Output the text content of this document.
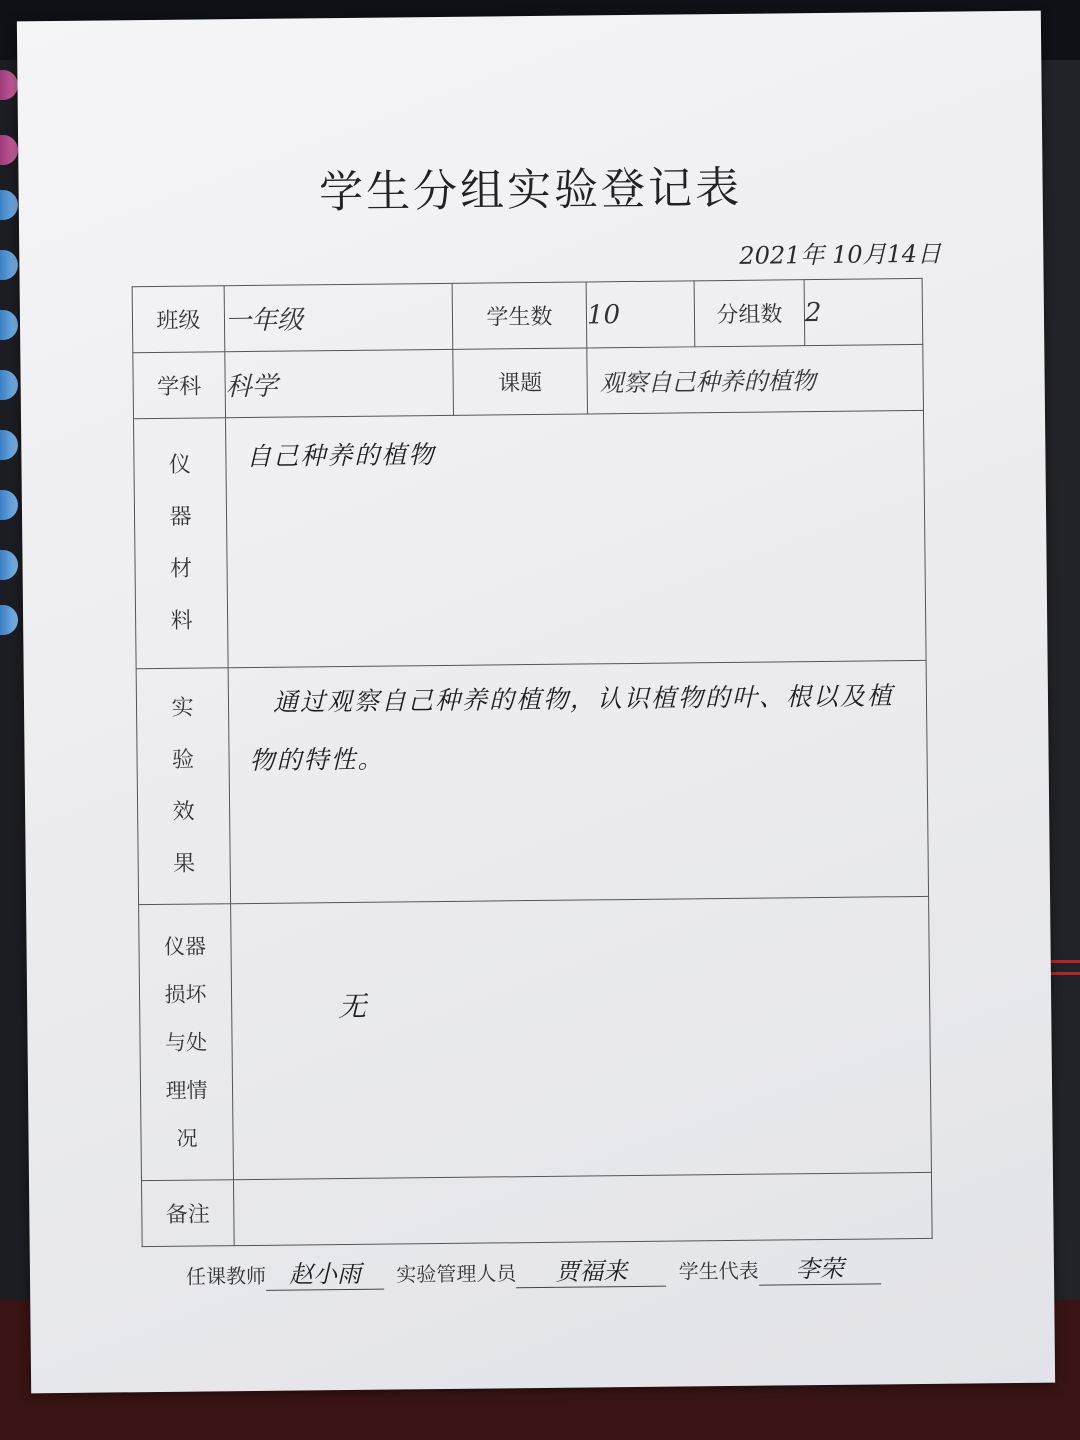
学生分组实验登记表
2021年 10月14日
班级	一年级	学生数	10	分组数	2
学科	科学	课题	观察自己种养的植物		

仪
器
材
料	自己种养的植物				

实
验
效
果	通过观察自己种养的植物，认识植物的叶、根以及植物的特性。				

仪器
损坏
与处
理情
况	无				

备注					
任课教师 赵小雨 实验管理人员 贾福来	学生代表 李荣
